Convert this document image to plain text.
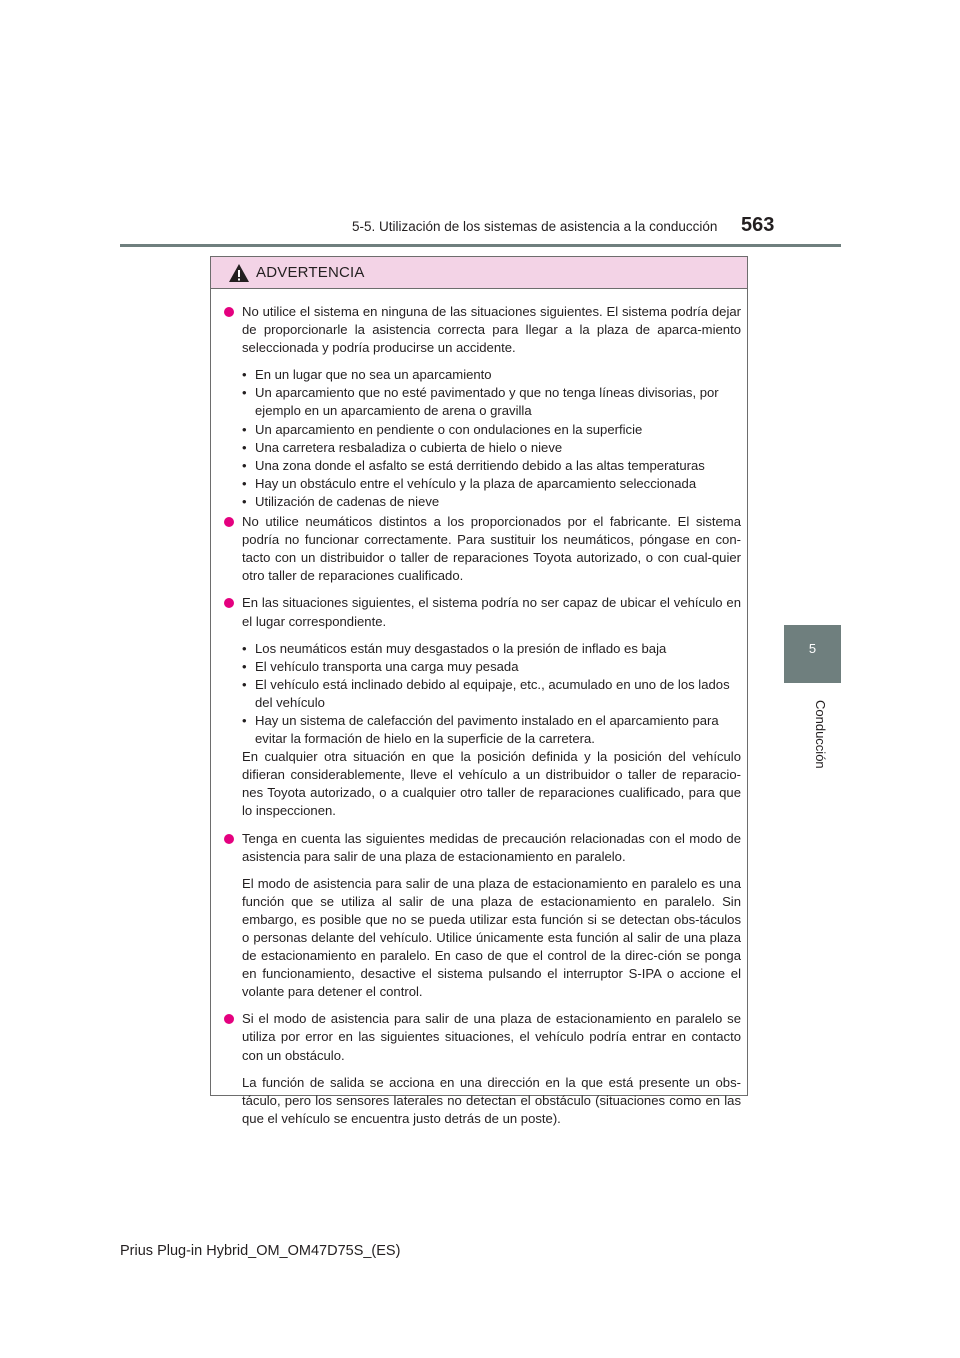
5-5. Utilización de los sistemas de asistencia a la conducción 563
5
Conducción
ADVERTENCIA
No utilice el sistema en ninguna de las situaciones siguientes. El sistema podría dejar de proporcionarle la asistencia correcta para llegar a la plaza de aparca-miento seleccionada y podría producirse un accidente.
• En un lugar que no sea un aparcamiento
• Un aparcamiento que no esté pavimentado y que no tenga líneas divisorias, por ejemplo en un aparcamiento de arena o gravilla
• Un aparcamiento en pendiente o con ondulaciones en la superficie
• Una carretera resbaladiza o cubierta de hielo o nieve
• Una zona donde el asfalto se está derritiendo debido a las altas temperaturas
• Hay un obstáculo entre el vehículo y la plaza de aparcamiento seleccionada
• Utilización de cadenas de nieve
No utilice neumáticos distintos a los proporcionados por el fabricante. El sistema podría no funcionar correctamente. Para sustituir los neumáticos, póngase en con-tacto con un distribuidor o taller de reparaciones Toyota autorizado, o con cual-quier otro taller de reparaciones cualificado.
En las situaciones siguientes, el sistema podría no ser capaz de ubicar el vehículo en el lugar correspondiente.
• Los neumáticos están muy desgastados o la presión de inflado es baja
• El vehículo transporta una carga muy pesada
• El vehículo está inclinado debido al equipaje, etc., acumulado en uno de los lados del vehículo
• Hay un sistema de calefacción del pavimento instalado en el aparcamiento para evitar la formación de hielo en la superficie de la carretera.
En cualquier otra situación en que la posición definida y la posición del vehículo difieran considerablemente, lleve el vehículo a un distribuidor o taller de reparacio-nes Toyota autorizado, o a cualquier otro taller de reparaciones cualificado, para que lo inspeccionen.
Tenga en cuenta las siguientes medidas de precaución relacionadas con el modo de asistencia para salir de una plaza de estacionamiento en paralelo.
El modo de asistencia para salir de una plaza de estacionamiento en paralelo es una función que se utiliza al salir de una plaza de estacionamiento en paralelo. Sin embargo, es posible que no se pueda utilizar esta función si se detectan obs-táculos o personas delante del vehículo. Utilice únicamente esta función al salir de una plaza de estacionamiento en paralelo. En caso de que el control de la direc-ción se ponga en funcionamiento, desactive el sistema pulsando el interruptor S-IPA o accione el volante para detener el control.
Si el modo de asistencia para salir de una plaza de estacionamiento en paralelo se utiliza por error en las siguientes situaciones, el vehículo podría entrar en contacto con un obstáculo.
La función de salida se acciona en una dirección en la que está presente un obs-táculo, pero los sensores laterales no detectan el obstáculo (situaciones como en las que el vehículo se encuentra justo detrás de un poste).
Prius Plug-in Hybrid_OM_OM47D75S_(ES)
